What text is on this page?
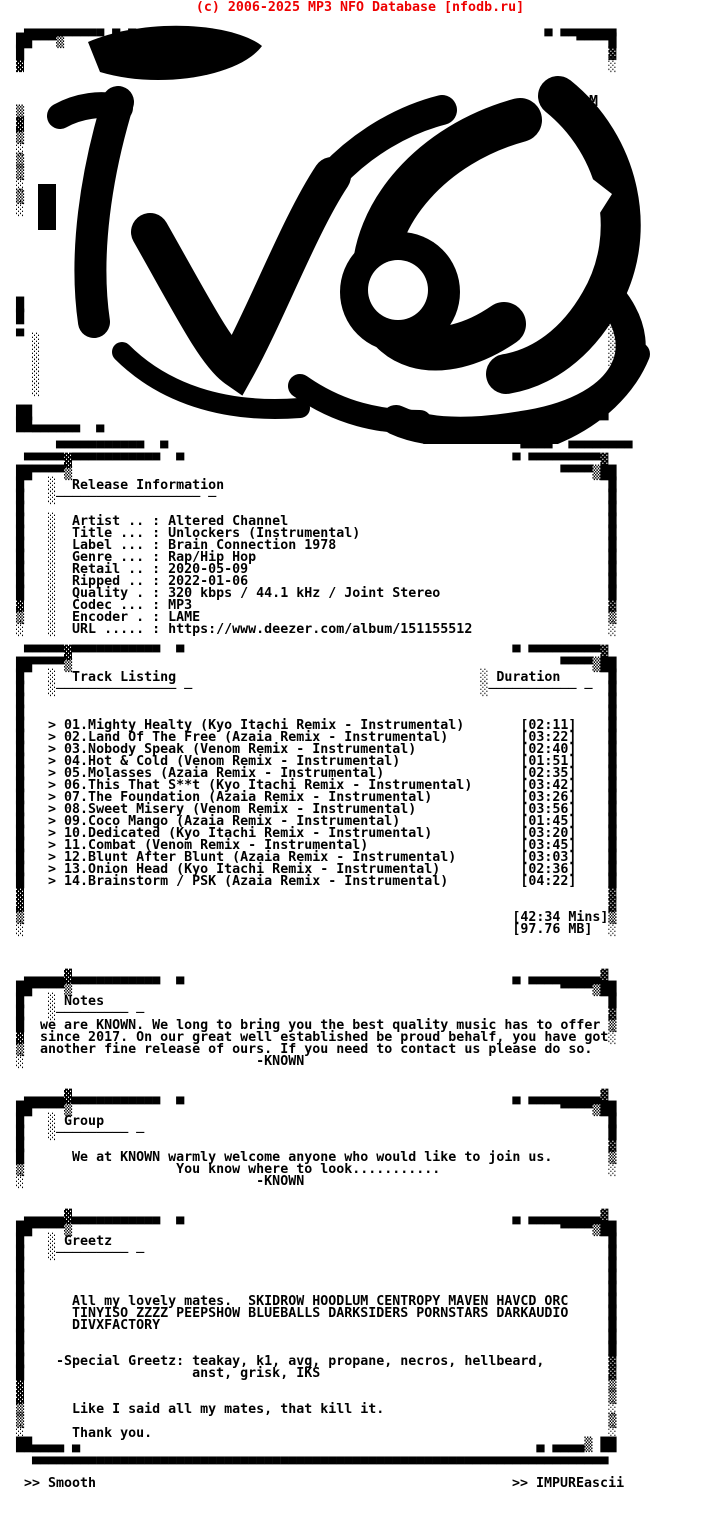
(c) 2006-2025 MP3 NFO Database [nfodb.ru]
sM
▄▄▄▄▄▄▄▄▄▄ ▄ ▄                                                   ▄ ▄▄▄▄▄▄▄
██▀▀▀▒                                                                ▀▀▀▀█
█                                                                         ▓
▓                                                                         ░
▒
▓
▒
░
▒
▒
░
▒
░
█
█                                                                         ░
▄                                                                         ░
░                                                                       ░
░                                                                       ░
░                                                                       ░
░
░
▄▄
██                                                                  ▄▄▄▄▄▄
██▄▄▄▄▄▄  ▄
▀▀▀▀▀▀▀▀▀▀▀  ▀                                            ▀▀▀▀  ▀▀▀▀▀▀▀▀
▀▀▀▀▀▓▀▀▀▀▀▀▀▀▀▀▀  ▀                                         ▀ ▀▀▀▀▀▀▀▀▀▓
██▀▀▀▀▒                                                             ▀▀▀▀▒██
█   ░  Release Information                                                █
█   ░────────────────── ─                                                 █
█                                                                         █
█   ░  Artist .. : Altered Channel                                        █
█   ░  Title ... : Unlockers (Instrumental)                               █
█   ░  Label ... : Brain Connection 1978                                  █
█   ░  Genre ... : Rap/Hip Hop                                            █
█   ░  Retail .. : 2020-05-09                                             █
█   ░  Ripped .. : 2022-01-06                                             █
█   ░  Quality . : 320 kbps / 44.1 kHz / Joint Stereo                     █
▓   ░  Codec ... : MP3                                                    ▓
▒   ░  Encoder . : LAME                                                   ▒
░   ░  URL ..... : https://www.deezer.com/album/151155512                 ░
▀▀▀▀▀▓▀▀▀▀▀▀▀▀▀▀▀  ▀                                         ▀ ▀▀▀▀▀▀▀▀▀▓
██▀▀▀▀▒                                                             ▀▀▀▀▒██
█   ░  Track Listing                                      ░ Duration      █
█   ░─────────────── ─                                    ░─────────── ─  █
█                                                                         █
█                                                                         █
█   > 01.Mighty Healty (Kyo Itachi Remix - Instrumental)       [02:11]    █
█   > 02.Land Of The Free (Azaia Remix - Instrumental)         [03:22]    █
█   > 03.Nobody Speak (Venom Remix - Instrumental)             [02:40]    █
█   > 04.Hot & Cold (Venom Remix - Instrumental)               [01:51]    █
█   > 05.Molasses (Azaia Remix - Instrumental)                 [02:35]    █
█   > 06.This That S**t (Kyo Itachi Remix - Instrumental)      [03:42]    █
█   > 07.The Foundation (Azaia Remix - Instrumental)           [03:26]    █
█   > 08.Sweet Misery (Venom Remix - Instrumental)             [03:56]    █
█   > 09.Coco Mango (Azaia Remix - Instrumental)               [01:45]    █
█   > 10.Dedicated (Kyo Itachi Remix - Instrumental)           [03:20]    █
█   > 11.Combat (Venom Remix - Instrumental)                   [03:45]    █
█   > 12.Blunt After Blunt (Azaia Remix - Instrumental)        [03:03]    █
█   > 13.Onion Head (Kyo Itachi Remix - Instrumental)          [02:36]    █
█   > 14.Brainstorm / PSK (Azaia Remix - Instrumental)         [04:22]    █
▓                                                                         ▓
▓                                                                         ▓
▒                                                             [42:34 Mins]▒
░                                                             [97.76 MB]  ░
▄▄▄▄▄▓▄▄▄▄▄▄▄▄▄▄▄  ▄                                         ▄ ▄▄▄▄▄▄▄▄▄▓
██▀▀▀▀▒                                                             ▀▀▀▀▒██
█   ░ Notes                                                               █
█   ░───────── ─                                                          ▓
█  we are KNOWN. We long to bring you the best quality music has to offer ▒
▓  since 2017. On our great well established be proud behalf, you have got░
▒  another fine release of ours. If you need to contact us please do so.
░                             -KNOWN
▄▄▄▄▄▓▄▄▄▄▄▄▄▄▄▄▄  ▄                                         ▄ ▄▄▄▄▄▄▄▄▄▓
██▀▀▀▀▒                                                             ▀▀▀▀▒██
█   ░ Group                                                               █
█   ░───────── ─                                                          █
█                                                                         ▓
█      We at KNOWN warmly welcome anyone who would like to join us.       ▒
▒                   You know where to look...........                     ░
░                             -KNOWN
▄▄▄▄▄▓▄▄▄▄▄▄▄▄▄▄▄  ▄                                         ▄ ▄▄▄▄▄▄▄▄▄▓
██▀▀▀▀▒                                                             ▀▀▀▀▒██
█   ░ Greetz                                                              █
█   ░───────── ─                                                          █
█                                                                         █
█                                                                         █
█                                                                         █
█      All my lovely mates.  SKIDROW HOODLUM CENTROPY MAVEN HAVCD ORC     █
█      TINYISO ZZZZ PEEPSHOW BLUEBALLS DARKSIDERS PORNSTARS DARKAUDIO     █
█      DIVXFACTORY                                                        █
█                                                                         █
█                                                                         █
█    -Special Greetz: teakay, k1, avg, propane, necros, hellbeard,        ▓
█                     anst, grisk, IKS                                    ▓
▓                                                                         ▒
▓                                                                         ▒
▒      Like I said all my mates, that kill it.                            ░
▒                                                                         ▒
░      Thank you.                                                         ░
██▄▄▄▄ ▄                                                         ▄ ▄▄▄▄▒ ██
▄▄▄▄▄▄▄▄▄▄▄▄▄▄▄▄▄▄▄▄▄▄▄▄▄▄▄▄▄▄▄▄▄▄▄▄▄▄▄▄▄▄▄▄▄▄▄▄▄▄▄▄▄▄▄▄▄▄▄▄▄▄▄▄▄▄▄▄▄▄▄▄

>> Smooth

	>> IMPUREascii
